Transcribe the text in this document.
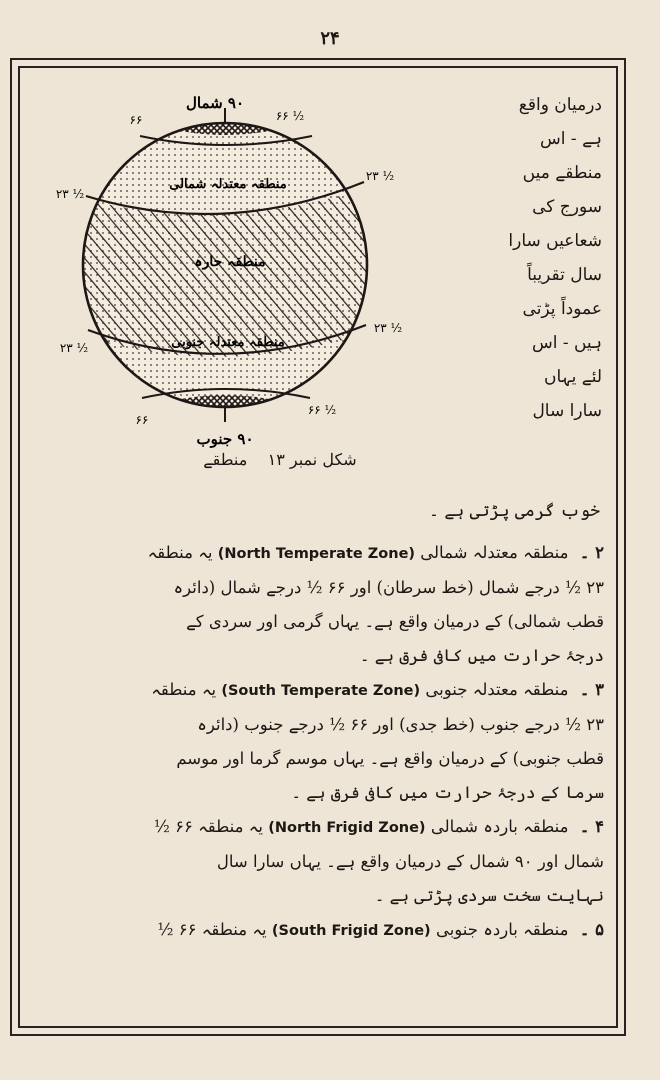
۲۴
۹۰ شمال
۶۶	۶۶ ½
۲۳ ½
۲۳ ½
۲۳ ½
۲۳ ½
۶۶
۶۶ ½
۹۰ جنوب
منطقہ معتدلہ شمالی
منطقہ حارہ
منطقہ معتدلہ جنوبی
درمیان واقع
ہے - اس
منطقے میں
سورج کی
شعاعیں سارا
سال تقریباً
عموداً پڑتی
ہیں - اس
لئے یہاں
سارا سال
شکل نمبر ۱۳    منطقے
خوب گرمی پڑتی ہے ۔
۲ ۔ منطقہ معتدلہ شمالی (North Temperate Zone) یہ منطقہ
۲۳ ½ درجے شمال (خط سرطان) اور ۶۶ ½ درجے شمال (دائرہ
قطب شمالی) کے درمیان واقع ہے۔ یہاں گرمی اور سردی کے
درجۂ حرارت میں کافی فرق ہے ۔
۳ ۔ منطقہ معتدلہ جنوبی (South Temperate Zone) یہ منطقہ
۲۳ ½ درجے جنوب (خط جدی) اور ۶۶ ½ درجے جنوب (دائرہ
قطب جنوبی) کے درمیان واقع ہے۔ یہاں موسم گرما اور موسم
سرما کے درجۂ حرارت میں کافی فرق ہے ۔
۴ ۔ منطقہ باردہ شمالی (North Frigid Zone) یہ منطقہ ۶۶ ½
شمال اور ۹۰ شمال کے درمیان واقع ہے۔ یہاں سارا سال
نہایت سخت سردی پڑتی ہے ۔
۵ ۔ منطقہ باردہ جنوبی (South Frigid Zone) یہ منطقہ ۶۶ ½
